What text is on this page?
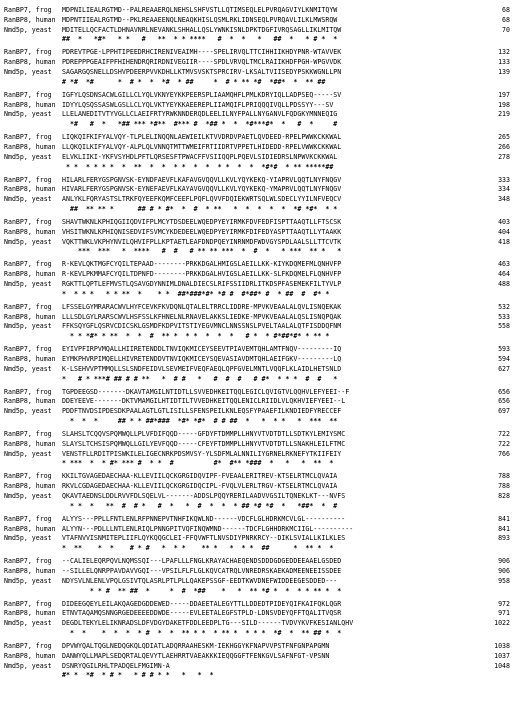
RanBP7, frog MDPNILIEALRGTMD--PALREAAERQLNEHSLSHFVSTLLQTIMSEQLELPVRQAGVIYLKNMITQYW	68
RanBP8, human MDPNTIIEALRGTMD--PKLREAAEENQLNEAQKHISLQSMLRKLIDNSEQLPVRQAVLILKLMWSRQW	68
Nmd5p, yeast MDITELLQCFACTLDHNAVNRLNEVANKLSHHALLQSLYWNKISNLDPKTDGFIVRQSAGLLIKLMITQW	70
##  *   *#*   * *   #   **  * * ****   #  *  *   *   ##  *   * # *  *
RanBP7, frog PDREVTPGE-LPPHTIPEEDRHCIRENIVEAIMH----SPELIRVQLTTCIHHIIKHDYPNR-WTAVVEK	132
RanBP8, human PDREPPPGEAIFPFHIHENDRQRIRDNIVEGIIR----SPDLVRVQLTMCLRAIIKHDFPGH-WPGVVDK	133
Nmd5p, yeast SAGARGQSNELLDSHVPDEERPVVKDHLLKTMVSVSKTSPRCIRV-LKSALTVIISEDYPSKKWGNLLPN	139
# *#  *#      *  # *  *  *#  * ##     *  # * ** *#  *##*  *  ** ##
RanBP7, frog IGFYLQSDNSACWLGILLCLYQLVKNYEYKKPEERSPLIAAMQHFLPMLKDRYIQLLADPSEQ-----SV	197
RanBP8, human IDYYLQSQSSASWLGSLLCLYQLVKTYEYKKAEEREPLIIAMQIFLPRIQQQIVQLLPDSSYY---SV	198
Nmd5p, yeast LLELANEDITVTYVGLLCLAEIFRTYRWKNNDERQDLEELILNYFPALLNYGANVLFQDGKYMNNEQIG	219
*#   #  *   *## *** *#**  #*** #  *## *  *  *#***#*  *   #  *     #
RanBP7, frog LIQKQIFKIFYALVQY-TLPLELINQQNLAEWIEILKTVVDRDVPAETLQVDEED-RPELPWWKCKKWAL	265
RanBP8, human LLQKQILKIFYALVQY-ALPLQLVNNQTMTTWMEIFRTIIDRTVPPETLHIDEDD-RPELVWWKCKKWAL	266
Nmd5p, yeast ELVKLIIKI-YKFVSYHDLPFTLQRSESFTPWACFFVSIIQQPLPQEVLSIDIEDRSLNPWVKCKKWAL	278
* *  * * * *  *  **  *  *  * *  *  *  * *  *  *  *#*#  * ** *****##
RanBP7, frog HILARLFERYGSPGNVSK-EYNDFAEVFLKAFAVGVQQVLLKVLYQYKEKQ-YIAPRVLQQTLNYFNQGV	333
RanBP8, human HIVARLFERYGSPGNVSK-EYNEFAEVFLKAYAVGVQQVLLKVLYQYKEKQ-YMAPRVLQQTLNYFNQGV	334
Nmd5p, yeast ANLYKLFQRYASTSLTRKFQYEEFKQMFCEEFLPQFLQVVFDQIEKWRTSQLWLSDECLYYILNFVEQCV	348
##  ** ** *      ## # * #*  *  #  * **   *  *  *  *  *  *# *#*  * *
RanBP7, frog SHAVTWKNLKPHIQGIIQDVIFPLMCYTDSDEELWQEDPYEYIRMKFDVFEDFISPTTAAQTLLFTSCSK	403
RanBP8, human VHSITWKNLKPHIQNISEDVIFSVMCYKDEDEELWQEDPYEYIRMKFDIFEDYASPTTAAQTLLYTAAKK	404
Nmd5p, yeast VQKTTWKLVKPHYNVILQHVIFPLLKPTAETLEAFDNDPQEYINRNMDFWDVGYSPDLAALSLLTTCVTK	418
***  ***   *  ****   #  #   # ** ** ***  *  #  *   * ***  ** *   *
RanBP7, frog R-KEVLQKTMGFCYQILTEPAAD--------PRKKDGALHMIGSLAEILLKK-KIYKDQMEFMLQNHVFP	463
RanBP8, human R-KEVLPKMMAFCYQILTDPNFD--------PRKKDGALHVIGSLAEILLKK-SLFKDQMELFLQNHVFP	464
Nmd5p, yeast RGKTTLQPTLEFMVSTLQSAVGDYNNIMLDNALDIECSLRIFSSIIDRLITKDSPFASEMEKFILTYVLP	488
*  * * *   * * **  *    * *  ##*###*#* *# #  #*##* #  * ##  #  #* *
RanBP7, frog LFSSELGYMRARACWVLHYFCEVKFKVDQNLQTALELTRRCLIDDRE-MPVKVEAALALQVLISNQEKAK	532
RanBP8, human LLLSDLGYLRARSCWVLHSFSSLKFHNELNLRNAVELAKKSLIEDKE-MPVKVEAALALQSLISNQPQAK	533
Nmd5p, yeast FFKSQYGFLQSRVCDICSKLGSMDFKDPVITSTIYEGVMNCLNNSSNSLPVELTAALALQTFISDDQFNM	558
* * *#* * **  *  *  #  ** *  * *  *  *  *   # *  * #*##*#* * ** *
RanBP7, frog EYIVPFIRPVMQALLHIIRETENDDLTNVIQKMICEYSEEVTPIAVEMTQHLAMTFNQV---------IQ	593
RanBP8, human EYMKPHVRPIMQELLHIVRETENDDVTNVIQKMICEYSQEVASIAVDMTQHLAEIFGKV---------LQ	594
Nmd5p, yeast K-LSEHVVPTMMQLLSLSNDFEIDVLSEVMEIFVEQFAEQLQPFGVELMNTLVQQFLKLAIDLHETSNLD	627
*   # * ***# ## # # **   *  # #   *   #  #  #   # #*  * * *  #  #   *
RanBP7, frog TGPDEEGSD-------DKAVTAMGILNTIDTLLSVVEDHKEITQQLEGICLQVIGTVLQQHVLEFYEEI--F	656
RanBP8, human DDEYEEVE-------DKTVMAMGILHTIDTILTVVEDHKEITQQLENICLRIIDLVLQKHVIEFYEEI--L	656
Nmd5p, yeast PDDFTNVDSIPDESDKPAALAGTLGTLISILLSFENSPEILKNLEQSFYPAAEFILKNDIEDFYRECCEF	697
*  *  *     ## * * ##*###  *#* *#*  # # ##  *   *  * *   *  ***  **
RanBP7, frog SLAHSLTCQQVSPQMWQLLPLVFDIFQQD-----GFDYFTDMMPLLHNYVTVDTDTLLSDTKYLEMIYSMC	722
RanBP8, human SLAYSLTCHSISPQMWQLLGILYEVFQQD-----CFEYFTDMMPLLHNYVTVDTDTLLSNAKHLEILFTMC	722
Nmd5p, yeast VENSTFLLRDITPISWKILELIGECNRKPDSMVSY-YLSDFMLALNNILIYGRNELRKNEFYTKIIFEIY	766
* ***  *  * #* *** #  * *  #          #*  #** *###  *   *   *  **  *
RanBP7, frog KKILTGVAGEDAECHAA-KLLEVIILQCKGRGIDQVIPF-FVEAALERITREV-KTSELRTMCLQVAIA	788
RanBP8, human RKVLCGDAGEDAECHAA-KLLEVIILQCKGRGIDQCIPL-FVQLVLERLTRGV-KTSELRTMCLQVAIA	788
Nmd5p, yeast QKAVTAEDNSLDDLRVVFDLSQELVL-------ADDSLPQQYRERILAADVVGSILTQNEKLKT---NVFS	828
* *  *   **  #  # *   #  *   *  #  *  *  * ## *# *#  *   *##*  *  #
RanBP7, frog ALYYS---PPLLFNTLENLRFPNNEPVTNHFIKQWLND------VDCFLGLHDRKMCVLGL----------	841
RanBP8, human ALYYN---PDLLLNTLENLRIQLPNNGPITVQFINQWMND------TDCFLGHHDRKMCIIGL----------	841
Nmd5p, yeast VTAFNVVISNMITEPLIIFLQYKQQGCLEI-FFQVWFTLNVSDIYPNRKRCY--DIKLSVIALLKILKLES	893
*  **    *  *    # * #   *  * *    ** *   *  * *  ##      *  ** *  *
RanBP7, frog --CALIELEQRPQVLNQMSSQI---LPAFLLLFNGLKRAYACHAEQENDSDDDGDGEDDEEAAELGSDED	906
RanBP8, human --SILLELQNRPPAVDAVVGQI---VPSILFLFLGLKQVCATRQLVNREDRSKAEKADMEENEEISSDEE	906
Nmd5p, yeast NDYSVLNLENLVPQLGSIVTQLASRLPTLPLLQAKEPSSGF-EEDTKWVDNEFWIDDEEGESDDED---	958
* * #  ** ##  *     *  #  *##    *   *  ** *# *  *  * * ** *  *
RanBP7, frog DIDEEGQEYLEILAKQAGEDGDDEWED-----DDAEETALEGYTTLLDDEDTPIDEYQIFKAIFQKLQGR	972
RanBP8, human ETNVTAQAMQSNNGRGEDEEEEDDWDE-----EVLEETALEGFSTPLD-LDNSVDEYQFFTQALITVQSR	971
Nmd5p, yeast DEGDLTEKYLELIKNRADSLDFVDGYDAKETFDDLEEDPLTG---SILD------TVDVYKVFKESIANLQHV	1022
*  *    *  *  *  * #  *  *  ** * *  * ** *  * * *  *#  *  ** ## *  *
RanBP7, frog DPVWYQALTQGLNEDQGKQLQDIATLADQRRAAHESKM-IEKHGGYKFNAPVVPSTFNFGNPAPGMN	1038
RanBP8, human DANWYQLLMAPLSEDQRTALQEVYTLAEHRRTVAEAKKKIEQQGGFTFENKGVLSAFNFGT-VPSNN	1037
Nmd5p, yeast DSNRYQGILRHLTPADQELFMGIMN-A	1048
#* *  *#  * # *   * # # * *   *   *  *
